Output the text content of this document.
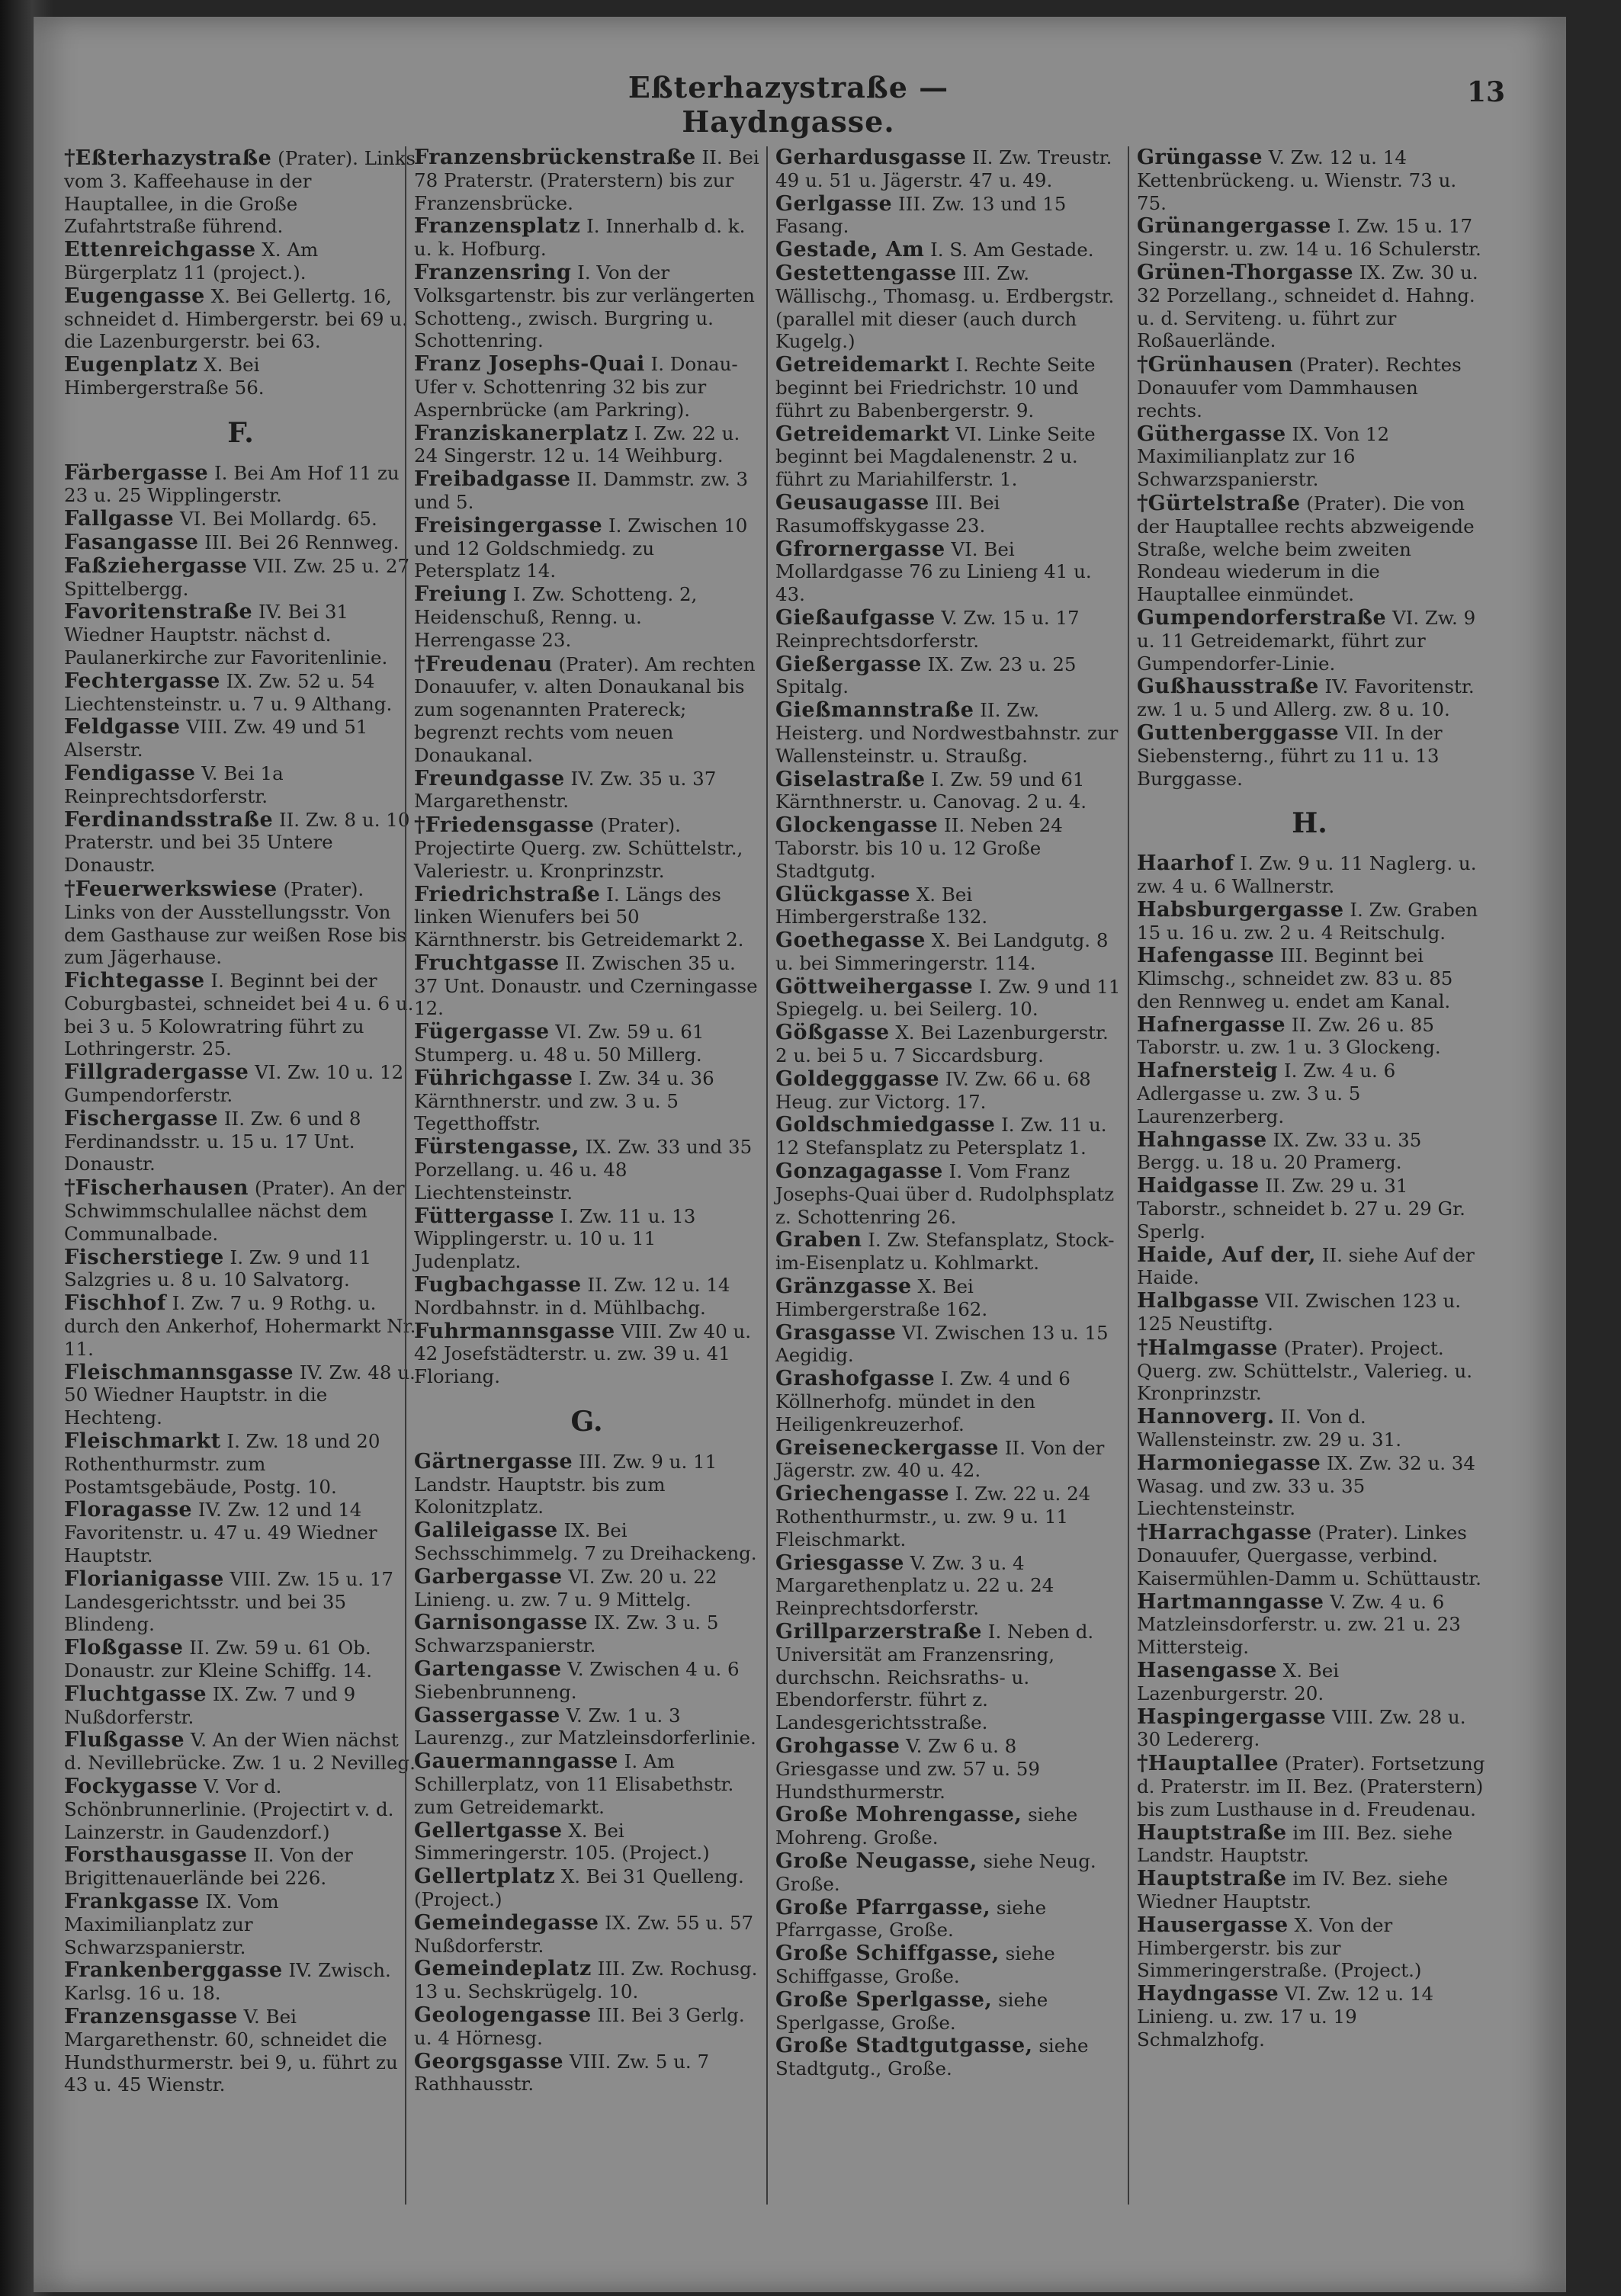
Eßterhazystraße — Haydngasse.
13
†Eßterhazystraße (Prater). Links vom 3. Kaffeehause in der Hauptallee, in die Große Zufahrtstraße führend.
Ettenreichgasse X. Am Bürgerplatz 11 (project.).
Eugengasse X. Bei Gellertg. 16, schneidet d. Himbergerstr. bei 69 u. die Lazenburgerstr. bei 63.
Eugenplatz X. Bei Himbergerstraße 56.
F.
Färbergasse I. Bei Am Hof 11 zu 23 u. 25 Wipplingerstr.
Fallgasse VI. Bei Mollardg. 65.
Fasangasse III. Bei 26 Rennweg.
Faßziehergasse VII. Zw. 25 u. 27 Spittelbergg.
Favoritenstraße IV. Bei 31 Wiedner Hauptstr. nächst d. Paulanerkirche zur Favoritenlinie.
Fechtergasse IX. Zw. 52 u. 54 Liechtensteinstr. u. 7 u. 9 Althang.
Feldgasse VIII. Zw. 49 und 51 Alserstr.
Fendigasse V. Bei 1a Reinprechtsdorferstr.
Ferdinandsstraße II. Zw. 8 u. 10 Praterstr. und bei 35 Untere Donaustr.
†Feuerwerkswiese (Prater). Links von der Ausstellungsstr. Von dem Gasthause zur weißen Rose bis zum Jägerhause.
Fichtegasse I. Beginnt bei der Coburgbastei, schneidet bei 4 u. 6 u. bei 3 u. 5 Kolowratring führt zu Lothringerstr. 25.
Fillgradergasse VI. Zw. 10 u. 12 Gumpendorferstr.
Fischergasse II. Zw. 6 und 8 Ferdinandsstr. u. 15 u. 17 Unt. Donaustr.
†Fischerhausen (Prater). An der Schwimmschulallee nächst dem Communalbade.
Fischerstiege I. Zw. 9 und 11 Salzgries u. 8 u. 10 Salvatorg.
Fischhof I. Zw. 7 u. 9 Rothg. u. durch den Ankerhof, Hohermarkt Nr. 11.
Fleischmannsgasse IV. Zw. 48 u. 50 Wiedner Hauptstr. in die Hechteng.
Fleischmarkt I. Zw. 18 und 20 Rothenthurmstr. zum Postamtsgebäude, Postg. 10.
Floragasse IV. Zw. 12 und 14 Favoritenstr. u. 47 u. 49 Wiedner Hauptstr.
Florianigasse VIII. Zw. 15 u. 17 Landesgerichtsstr. und bei 35 Blindeng.
Floßgasse II. Zw. 59 u. 61 Ob. Donaustr. zur Kleine Schiffg. 14.
Fluchtgasse IX. Zw. 7 und 9 Nußdorferstr.
Flußgasse V. An der Wien nächst d. Nevillebrücke. Zw. 1 u. 2 Nevilleg.
Fockygasse V. Vor d. Schönbrunnerlinie. (Projectirt v. d. Lainzerstr. in Gaudenzdorf.)
Forsthausgasse II. Von der Brigittenauerlände bei 226.
Frankgasse IX. Vom Maximilianplatz zur Schwarzspanierstr.
Frankenberggasse IV. Zwisch. Karlsg. 16 u. 18.
Franzensgasse V. Bei Margarethenstr. 60, schneidet die Hundsthurmerstr. bei 9, u. führt zu 43 u. 45 Wienstr.
Franzensbrückenstraße II. Bei 78 Praterstr. (Praterstern) bis zur Franzensbrücke.
Franzensplatz I. Innerhalb d. k. u. k. Hofburg.
Franzensring I. Von der Volksgartenstr. bis zur verlängerten Schotteng., zwisch. Burgring u. Schottenring.
Franz Josephs-Quai I. Donau-Ufer v. Schottenring 32 bis zur Aspernbrücke (am Parkring).
Franziskanerplatz I. Zw. 22 u. 24 Singerstr. 12 u. 14 Weihburg.
Freibadgasse II. Dammstr. zw. 3 und 5.
Freisingergasse I. Zwischen 10 und 12 Goldschmiedg. zu Petersplatz 14.
Freiung I. Zw. Schotteng. 2, Heidenschuß, Renng. u. Herrengasse 23.
†Freudenau (Prater). Am rechten Donauufer, v. alten Donaukanal bis zum sogenannten Pratereck; begrenzt rechts vom neuen Donaukanal.
Freundgasse IV. Zw. 35 u. 37 Margarethenstr.
†Friedensgasse (Prater). Projectirte Querg. zw. Schüttelstr., Valeriestr. u. Kronprinzstr.
Friedrichstraße I. Längs des linken Wienufers bei 50 Kärnthnerstr. bis Getreidemarkt 2.
Fruchtgasse II. Zwischen 35 u. 37 Unt. Donaustr. und Czerningasse 12.
Fügergasse VI. Zw. 59 u. 61 Stumperg. u. 48 u. 50 Millerg.
Führichgasse I. Zw. 34 u. 36 Kärnthnerstr. und zw. 3 u. 5 Tegetthoffstr.
Fürstengasse, IX. Zw. 33 und 35 Porzellang. u. 46 u. 48 Liechtensteinstr.
Füttergasse I. Zw. 11 u. 13 Wipplingerstr. u. 10 u. 11 Judenplatz.
Fugbachgasse II. Zw. 12 u. 14 Nordbahnstr. in d. Mühlbachg.
Fuhrmannsgasse VIII. Zw 40 u. 42 Josefstädterstr. u. zw. 39 u. 41 Floriang.
G.
Gärtnergasse III. Zw. 9 u. 11 Landstr. Hauptstr. bis zum Kolonitzplatz.
Galileigasse IX. Bei Sechsschimmelg. 7 zu Dreihackeng.
Garbergasse VI. Zw. 20 u. 22 Linieng. u. zw. 7 u. 9 Mittelg.
Garnisongasse IX. Zw. 3 u. 5 Schwarzspanierstr.
Gartengasse V. Zwischen 4 u. 6 Siebenbrunneng.
Gassergasse V. Zw. 1 u. 3 Laurenzg., zur Matzleinsdorferlinie.
Gauermanngasse I. Am Schillerplatz, von 11 Elisabethstr. zum Getreidemarkt.
Gellertgasse X. Bei Simmeringerstr. 105. (Project.)
Gellertplatz X. Bei 31 Quelleng. (Project.)
Gemeindegasse IX. Zw. 55 u. 57 Nußdorferstr.
Gemeindeplatz III. Zw. Rochusg. 13 u. Sechskrügelg. 10.
Geologengasse III. Bei 3 Gerlg. u. 4 Hörnesg.
Georgsgasse VIII. Zw. 5 u. 7 Rathhausstr.
Gerhardusgasse II. Zw. Treustr. 49 u. 51 u. Jägerstr. 47 u. 49.
Gerlgasse III. Zw. 13 und 15 Fasang.
Gestade, Am I. S. Am Gestade.
Gestettengasse III. Zw. Wällischg., Thomasg. u. Erdbergstr. (parallel mit dieser (auch durch Kugelg.)
Getreidemarkt I. Rechte Seite beginnt bei Friedrichstr. 10 und führt zu Babenbergerstr. 9.
Getreidemarkt VI. Linke Seite beginnt bei Magdalenenstr. 2 u. führt zu Mariahilferstr. 1.
Geusaugasse III. Bei Rasumoffskygasse 23.
Gfrornergasse VI. Bei Mollardgasse 76 zu Linieng 41 u. 43.
Gießaufgasse V. Zw. 15 u. 17 Reinprechtsdorferstr.
Gießergasse IX. Zw. 23 u. 25 Spitalg.
Gießmannstraße II. Zw. Heisterg. und Nordwestbahnstr. zur Wallensteinstr. u. Straußg.
Giselastraße I. Zw. 59 und 61 Kärnthnerstr. u. Canovag. 2 u. 4.
Glockengasse II. Neben 24 Taborstr. bis 10 u. 12 Große Stadtgutg.
Glückgasse X. Bei Himbergerstraße 132.
Goethegasse X. Bei Landgutg. 8 u. bei Simmeringerstr. 114.
Göttweihergasse I. Zw. 9 und 11 Spiegelg. u. bei Seilerg. 10.
Gößgasse X. Bei Lazenburgerstr. 2 u. bei 5 u. 7 Siccardsburg.
Goldegggasse IV. Zw. 66 u. 68 Heug. zur Victorg. 17.
Goldschmiedgasse I. Zw. 11 u. 12 Stefansplatz zu Petersplatz 1.
Gonzagagasse I. Vom Franz Josephs-Quai über d. Rudolphsplatz z. Schottenring 26.
Graben I. Zw. Stefansplatz, Stock-im-Eisenplatz u. Kohlmarkt.
Gränzgasse X. Bei Himbergerstraße 162.
Grasgasse VI. Zwischen 13 u. 15 Aegidig.
Grashofgasse I. Zw. 4 und 6 Köllnerhofg. mündet in den Heiligenkreuzerhof.
Greiseneckergasse II. Von der Jägerstr. zw. 40 u. 42.
Griechengasse I. Zw. 22 u. 24 Rothenthurmstr., u. zw. 9 u. 11 Fleischmarkt.
Griesgasse V. Zw. 3 u. 4 Margarethenplatz u. 22 u. 24 Reinprechtsdorferstr.
Grillparzerstraße I. Neben d. Universität am Franzensring, durchschn. Reichsraths- u. Ebendorferstr. führt z. Landesgerichtsstraße.
Grohgasse V. Zw 6 u. 8 Griesgasse und zw. 57 u. 59 Hundsthurmerstr.
Große Mohrengasse, siehe Mohreng. Große.
Große Neugasse, siehe Neug. Große.
Große Pfarrgasse, siehe Pfarrgasse, Große.
Große Schiffgasse, siehe Schiffgasse, Große.
Große Sperlgasse, siehe Sperlgasse, Große.
Große Stadtgutgasse, siehe Stadtgutg., Große.
Grüngasse V. Zw. 12 u. 14 Kettenbrückeng. u. Wienstr. 73 u. 75.
Grünangergasse I. Zw. 15 u. 17 Singerstr. u. zw. 14 u. 16 Schulerstr.
Grünen-Thorgasse IX. Zw. 30 u. 32 Porzellang., schneidet d. Hahng. u. d. Serviteng. u. führt zur Roßauerlände.
†Grünhausen (Prater). Rechtes Donauufer vom Dammhausen rechts.
Güthergasse IX. Von 12 Maximilianplatz zur 16 Schwarzspanierstr.
†Gürtelstraße (Prater). Die von der Hauptallee rechts abzweigende Straße, welche beim zweiten Rondeau wiederum in die Hauptallee einmündet.
Gumpendorferstraße VI. Zw. 9 u. 11 Getreidemarkt, führt zur Gumpendorfer-Linie.
Gußhausstraße IV. Favoritenstr. zw. 1 u. 5 und Allerg. zw. 8 u. 10.
Guttenberggasse VII. In der Siebensterng., führt zu 11 u. 13 Burggasse.
H.
Haarhof I. Zw. 9 u. 11 Naglerg. u. zw. 4 u. 6 Wallnerstr.
Habsburgergasse I. Zw. Graben 15 u. 16 u. zw. 2 u. 4 Reitschulg.
Hafengasse III. Beginnt bei Klimschg., schneidet zw. 83 u. 85 den Rennweg u. endet am Kanal.
Hafnergasse II. Zw. 26 u. 85 Taborstr. u. zw. 1 u. 3 Glockeng.
Hafnersteig I. Zw. 4 u. 6 Adlergasse u. zw. 3 u. 5 Laurenzerberg.
Hahngasse IX. Zw. 33 u. 35 Bergg. u. 18 u. 20 Pramerg.
Haidgasse II. Zw. 29 u. 31 Taborstr., schneidet b. 27 u. 29 Gr. Sperlg.
Haide, Auf der, II. siehe Auf der Haide.
Halbgasse VII. Zwischen 123 u. 125 Neustiftg.
†Halmgasse (Prater). Project. Querg. zw. Schüttelstr., Valerieg. u. Kronprinzstr.
Hannoverg. II. Von d. Wallensteinstr. zw. 29 u. 31.
Harmoniegasse IX. Zw. 32 u. 34 Wasag. und zw. 33 u. 35 Liechtensteinstr.
†Harrachgasse (Prater). Linkes Donauufer, Quergasse, verbind. Kaisermühlen-Damm u. Schüttaustr.
Hartmanngasse V. Zw. 4 u. 6 Matzleinsdorferstr. u. zw. 21 u. 23 Mittersteig.
Hasengasse X. Bei Lazenburgerstr. 20.
Haspingergasse VIII. Zw. 28 u. 30 Ledererg.
†Hauptallee (Prater). Fortsetzung d. Praterstr. im II. Bez. (Praterstern) bis zum Lusthause in d. Freudenau.
Hauptstraße im III. Bez. siehe Landstr. Hauptstr.
Hauptstraße im IV. Bez. siehe Wiedner Hauptstr.
Hausergasse X. Von der Himbergerstr. bis zur Simmeringerstraße. (Project.)
Haydngasse VI. Zw. 12 u. 14 Linieng. u. zw. 17 u. 19 Schmalzhofg.
